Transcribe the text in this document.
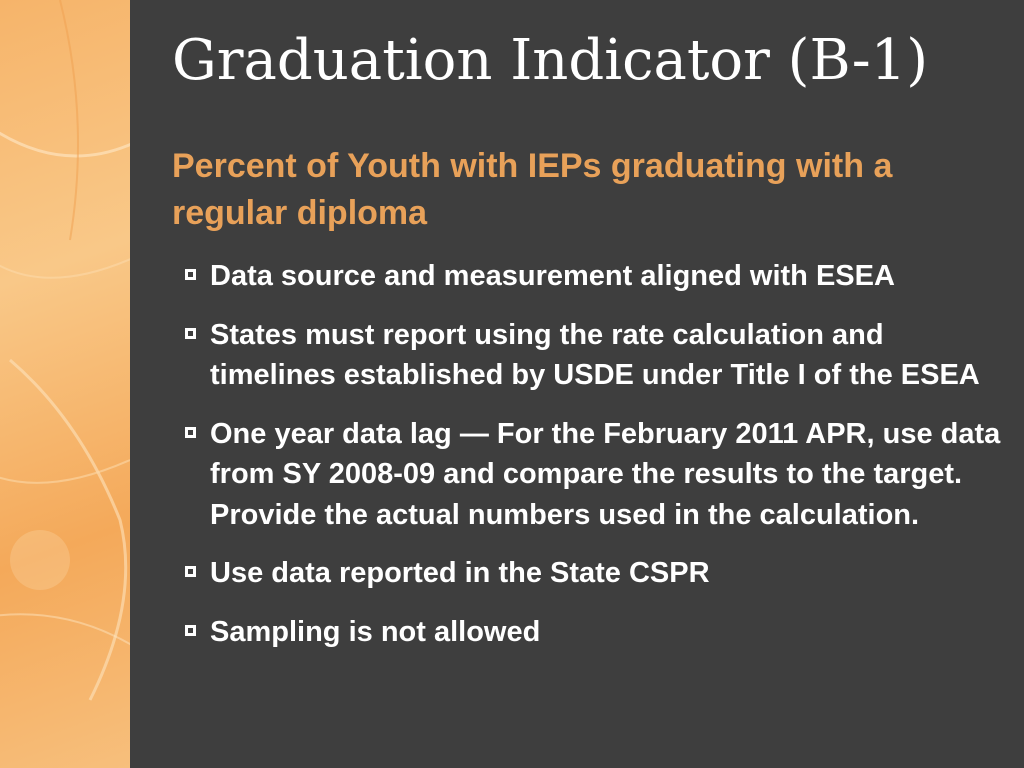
Graduation Indicator (B-1)

Percent of Youth with IEPs graduating with a regular diploma

Data source and measurement aligned with ESEA
States must report using the rate calculation and timelines established by USDE under Title I of the ESEA
One year data lag — For the February 2011 APR, use data from SY 2008-09 and compare the results to the target. Provide the actual numbers used in the calculation.
Use data reported in the State CSPR
Sampling is not allowed
